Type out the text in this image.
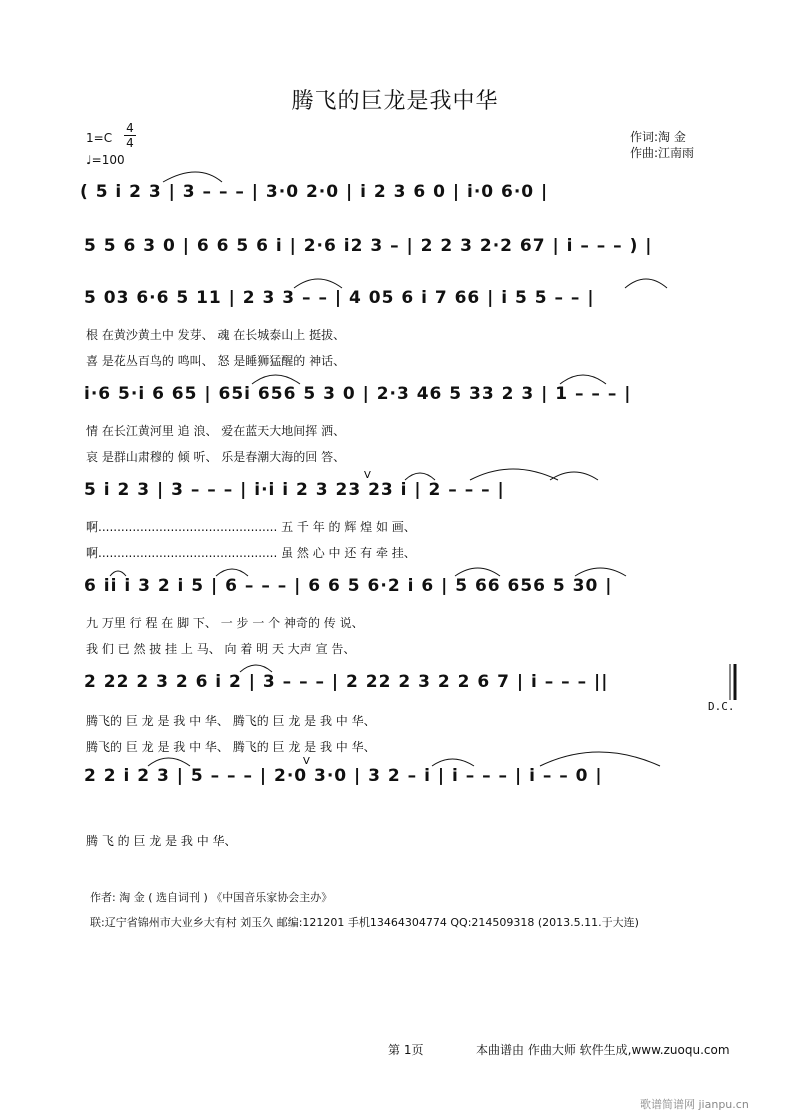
腾飞的巨龙是我中华
1=C
4
4
♩=100
作词:淘 金
作曲:江南雨
( 5 i 2 3 | 3 – – – | 3·0 2·0 | i 2 3 6 0 | i·0 6·0 |
5 5 6 3 0 | 6 6 5 6 i | 2·6 i2 3 – | 2 2 3 2·2 67 | i – – – ) |
5 03 6·6 5 11 | 2 3 3 – – | 4 05 6 i 7 66 | i 5 5 – – |
根 在黄沙黄土中 发芽、 魂 在长城泰山上 挺拔、
喜 是花丛百鸟的 鸣叫、 怒 是睡狮猛醒的 神话、
i·6 5·i 6 65 | 65i 656 5 3 0 | 2·3 46 5 33 2 3 | 1 – – – |
情 在长江黄河里 追 浪、 爱在蓝天大地间挥 洒、
哀 是群山肃穆的 倾 听、 乐是春潮大海的回 答、
5 i 2 3 | 3 – – – | i·i i 2 3 23 23 i | 2 – – – |
啊............................................... 五 千 年 的 辉 煌 如 画、
啊............................................... 虽 然 心 中 还 有 牵 挂、
6 ii i 3 2 i 5 | 6 – – – | 6 6 5 6·2 i 6 | 5 66 656 5 30 |
九 万里 行 程 在 脚 下、 一 步 一 个 神奇的 传 说、
我 们 已 然 披 挂 上 马、 向 着 明 天 大声 宣 告、
2 22 2 3 2 6 i 2 | 3 – – – | 2 22 2 3 2 2 6 7 | i – – – ||
D.C.
腾飞的 巨 龙 是 我 中 华、 腾飞的 巨 龙 是 我 中 华、
腾飞的 巨 龙 是 我 中 华、 腾飞的 巨 龙 是 我 中 华、
2 2 i 2 3 | 5 – – – | 2·0 3·0 | 3 2 – i | i – – – | i – – 0 |
腾 飞 的 巨 龙 是 我 中 华、
V
V
作者: 淘 金 ( 选自词刊 ) 《中国音乐家协会主办》
联:辽宁省锦州市大业乡大有村 刘玉久 邮编:121201 手机13464304774 QQ:214509318 (2013.5.11.于大连)
第 1页	本曲谱由 作曲大师 软件生成,www.zuoqu.com
歌谱简谱网 jianpu.cn
